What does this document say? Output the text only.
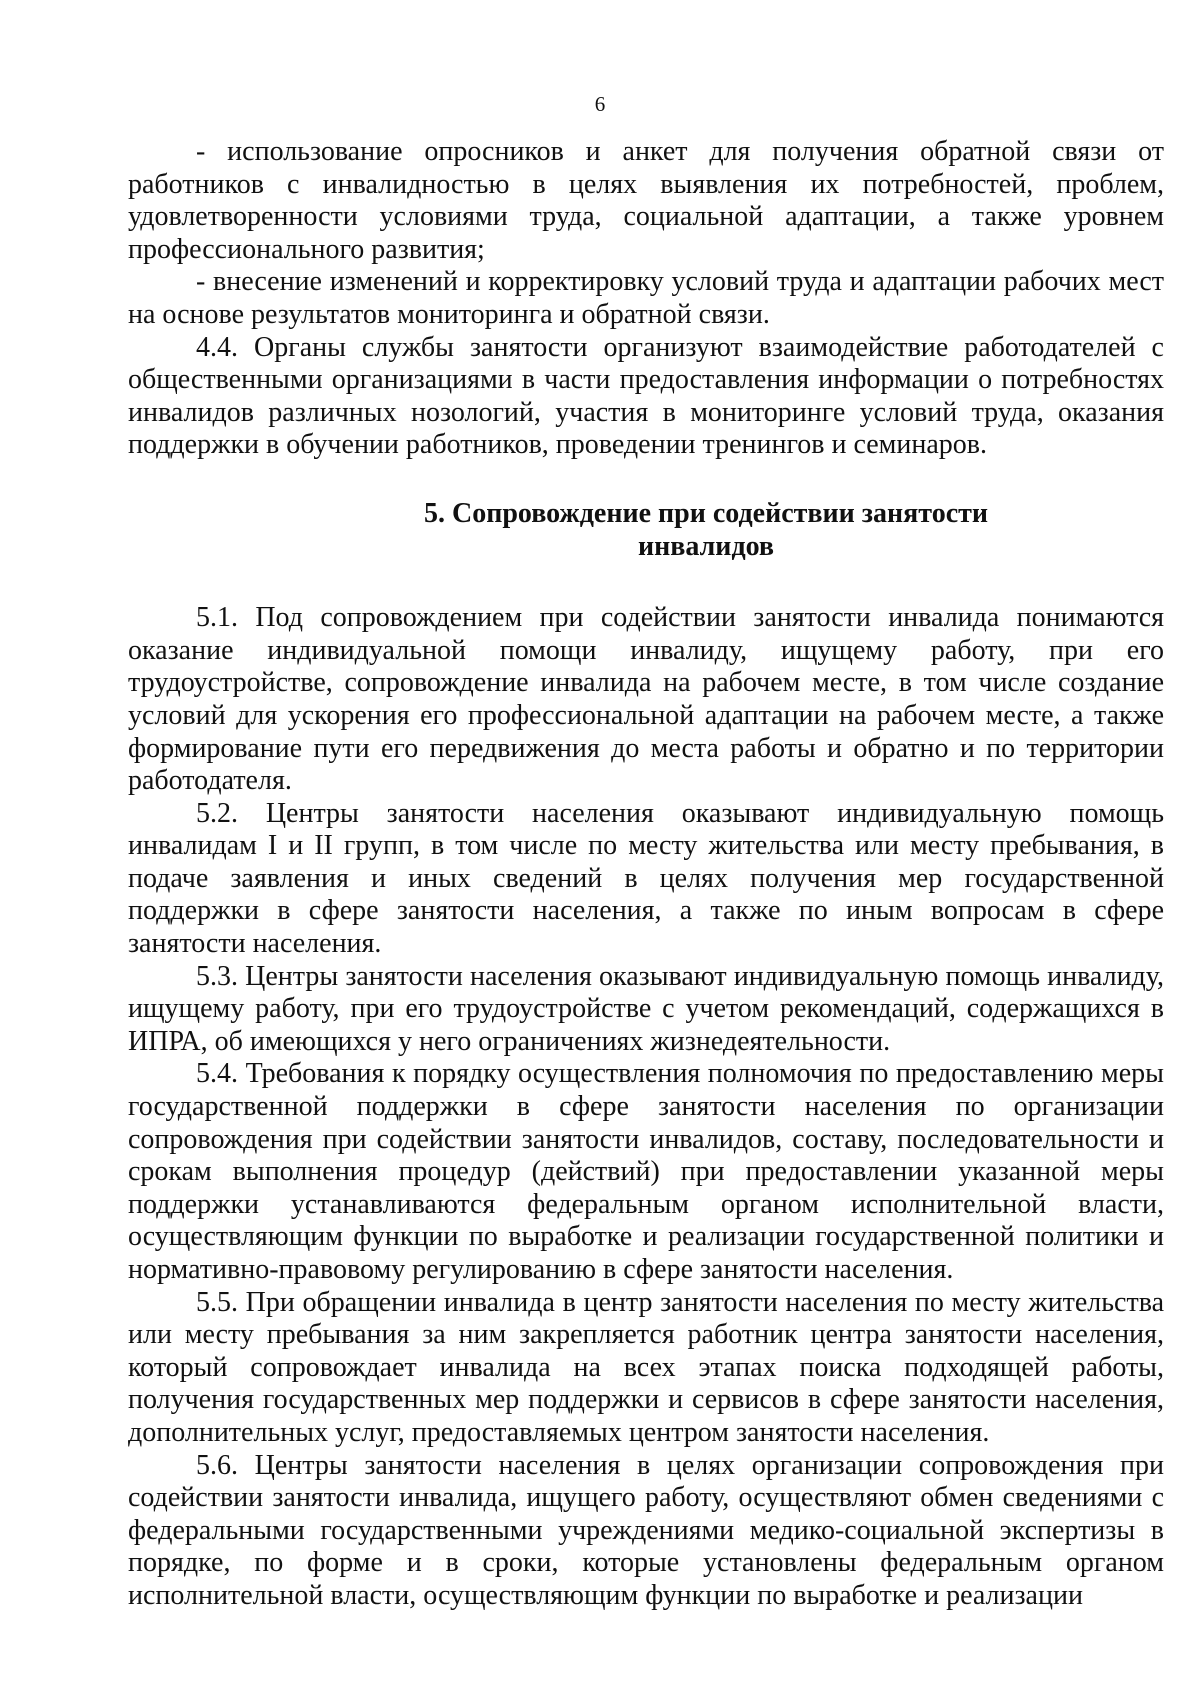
6

- использование опросников и анкет для получения обратной связи от работников с инвалидностью в целях выявления их потребностей, проблем, удовлетворенности условиями труда, социальной адаптации, а также уровнем профессионального развития;

- внесение изменений и корректировку условий труда и адаптации рабочих мест на основе результатов мониторинга и обратной связи.

4.4. Органы службы занятости организуют взаимодействие работодателей с общественными организациями в части предоставления информации о потребностях инвалидов различных нозологий, участия в мониторинге условий труда, оказания поддержки в обучении работников, проведении тренингов и семинаров.

5. Сопровождение при содействии занятости
инвалидов

5.1. Под сопровождением при содействии занятости инвалида понимаются оказание индивидуальной помощи инвалиду, ищущему работу, при его трудоустройстве, сопровождение инвалида на рабочем месте, в том числе создание условий для ускорения его профессиональной адаптации на рабочем месте, а также формирование пути его передвижения до места работы и обратно и по территории работодателя.

5.2. Центры занятости населения оказывают индивидуальную помощь инвалидам I и II групп, в том числе по месту жительства или месту пребывания, в подаче заявления и иных сведений в целях получения мер государственной поддержки в сфере занятости населения, а также по иным вопросам в сфере занятости населения.

5.3. Центры занятости населения оказывают индивидуальную помощь инвалиду, ищущему работу, при его трудоустройстве с учетом рекомендаций, содержащихся в ИПРА, об имеющихся у него ограничениях жизнедеятельности.

5.4. Требования к порядку осуществления полномочия по предоставлению меры государственной поддержки в сфере занятости населения по организации сопровождения при содействии занятости инвалидов, составу, последовательности и срокам выполнения процедур (действий) при предоставлении указанной меры поддержки устанавливаются федеральным органом исполнительной власти, осуществляющим функции по выработке и реализации государственной политики и нормативно-правовому регулированию в сфере занятости населения.

5.5. При обращении инвалида в центр занятости населения по месту жительства или месту пребывания за ним закрепляется работник центра занятости населения, который сопровождает инвалида на всех этапах поиска подходящей работы, получения государственных мер поддержки и сервисов в сфере занятости населения, дополнительных услуг, предоставляемых центром занятости населения.

5.6. Центры занятости населения в целях организации сопровождения при содействии занятости инвалида, ищущего работу, осуществляют обмен сведениями с федеральными государственными учреждениями медико-социальной экспертизы в порядке, по форме и в сроки, которые установлены федеральным органом исполнительной власти, осуществляющим функции по выработке и реализации
